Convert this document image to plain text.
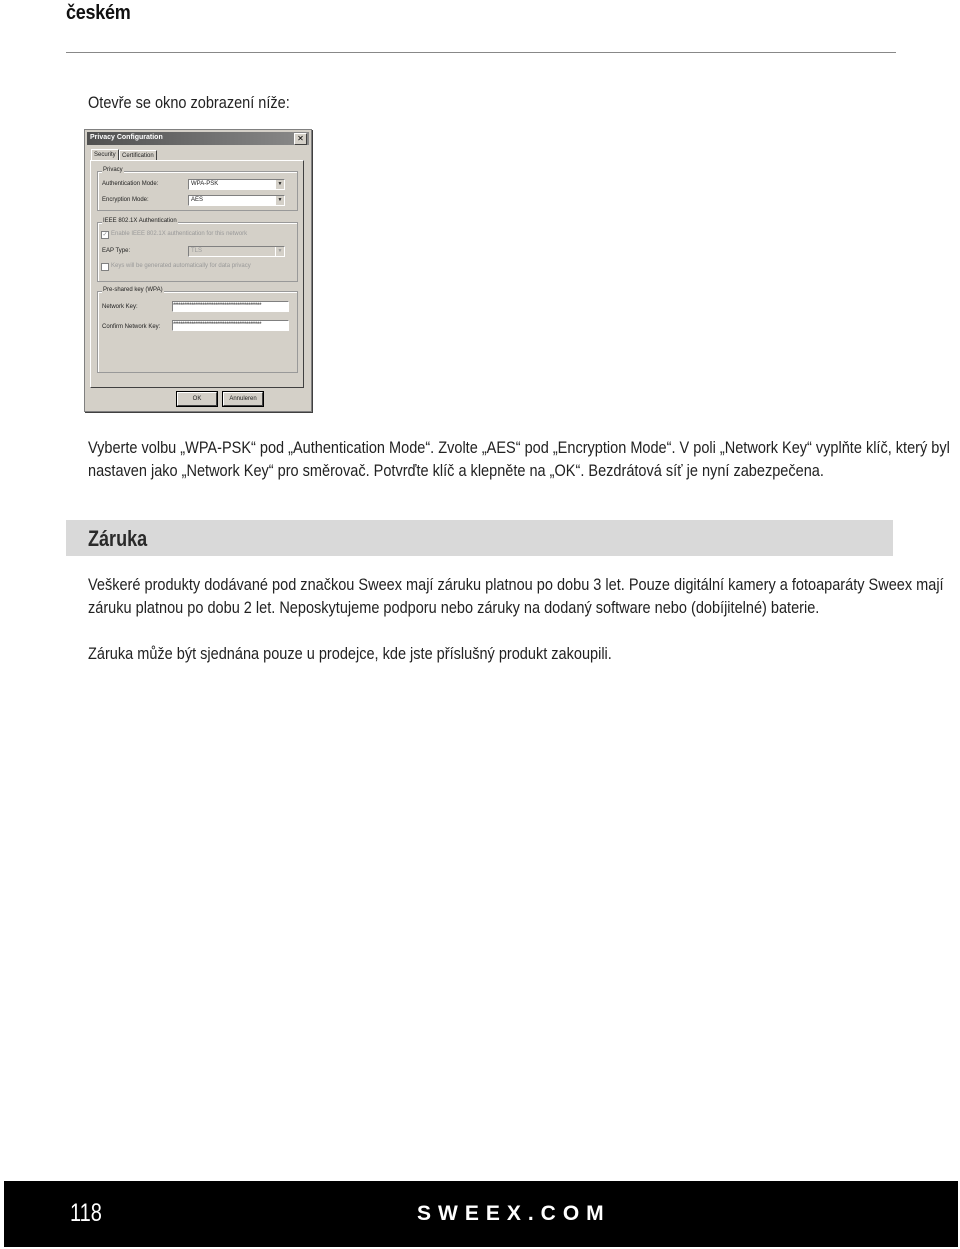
českém
Otevře se okno zobrazení níže:
Privacy Configuration	✕
Security	Certification
Privacy
Authentication Mode:	WPA-PSK	▼
Encryption Mode:	AES	▼
IEEE 802.1X Authentication
✓ Enable IEEE 802.1X authentication for this network
EAP Type:	TLS	▼
Keys will be generated automatically for data privacy
Pre-shared key (WPA)
Network Key:	************************************************
Confirm Network Key: ************************************************
OK	Annuleren

Vyberte volbu „WPA-PSK“ pod „Authentication Mode“. Zvolte „AES“ pod „Encryption Mode“. V poli „Network Key“ vyplňte klíč, který byl

nastaven jako „Network Key“ pro směrovač. Potvrďte klíč a klepněte na „OK“. Bezdrátová síť je nyní zabezpečena.

Záruka

Veškeré produkty dodávané pod značkou Sweex mají záruku platnou po dobu 3 let. Pouze digitální kamery a fotoaparáty Sweex mají

záruku platnou po dobu 2 let. Neposkytujeme podporu nebo záruky na dodaný software nebo (dobíjitelné) baterie.

Záruka může být sjednána pouze u prodejce, kde jste příslušný produkt zakoupili.

118	SWEEX.COM
